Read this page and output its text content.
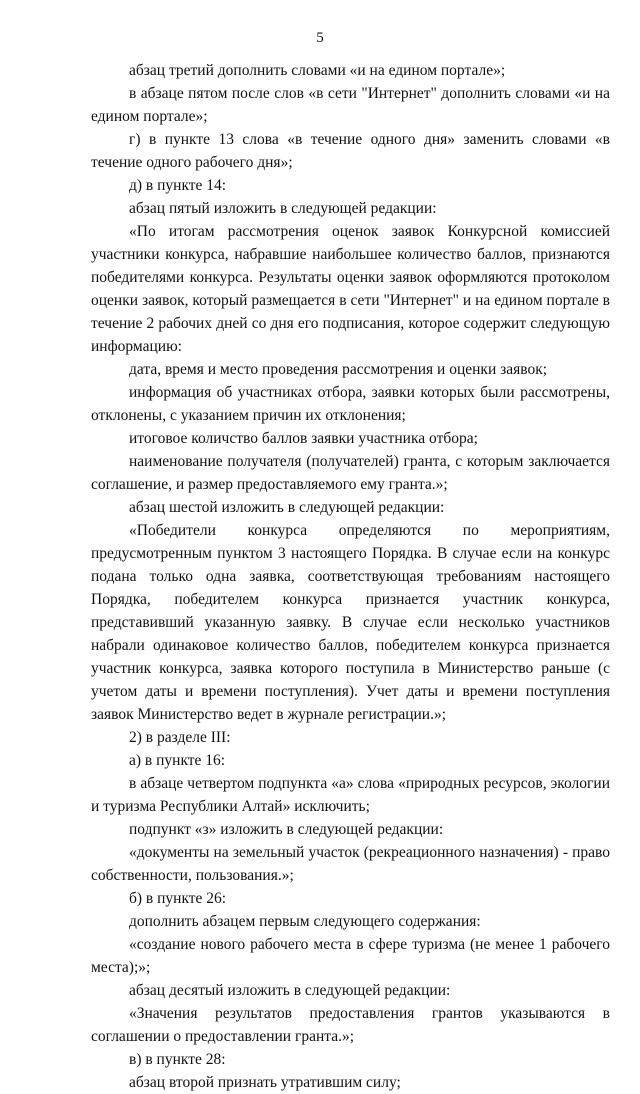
5

абзац третий дополнить словами «и на едином портале»;

в абзаце пятом после слов «в сети "Интернет" дополнить словами «и на едином портале»;

г) в пункте 13 слова «в течение одного дня» заменить словами «в течение одного рабочего дня»;

д) в пункте 14:

абзац пятый изложить в следующей редакции:

«По итогам рассмотрения оценок заявок Конкурсной комиссией участники конкурса, набравшие наибольшее количество баллов, признаются победителями конкурса. Результаты оценки заявок оформляются протоколом оценки заявок, который размещается в сети "Интернет" и на едином портале в течение 2 рабочих дней со дня его подписания, которое содержит следующую информацию:

дата, время и место проведения рассмотрения и оценки заявок;

информация об участниках отбора, заявки которых были рассмотрены, отклонены, с указанием причин их отклонения;

итоговое количство баллов заявки участника отбора;

наименование получателя (получателей) гранта, с которым заключается соглашение, и размер предоставляемого ему гранта.»;

абзац шестой изложить в следующей редакции:

«Победители конкурса определяются по мероприятиям, предусмотренным пунктом 3 настоящего Порядка. В случае если на конкурс подана только одна заявка, соответствующая требованиям настоящего Порядка, победителем конкурса признается участник конкурса, представивший указанную заявку. В случае если несколько участников набрали одинаковое количество баллов, победителем конкурса признается участник конкурса, заявка которого поступила в Министерство раньше (с учетом даты и времени поступления). Учет даты и времени поступления заявок Министерство ведет в журнале регистрации.»;

2) в разделе III:

а) в пункте 16:

в абзаце четвертом подпункта «а» слова «природных ресурсов, экологии и туризма Республики Алтай» исключить;

подпункт «з» изложить в следующей редакции:

«документы на земельный участок (рекреационного назначения) - право собственности, пользования.»;

б) в пункте 26:

дополнить абзацем первым следующего содержания:

«создание нового рабочего места в сфере туризма (не менее 1 рабочего места);»;

абзац десятый изложить в следующей редакции:

«Значения результатов предоставления грантов указываются в соглашении о предоставлении гранта.»;

в) в пункте 28:

абзац второй признать утратившим силу;
